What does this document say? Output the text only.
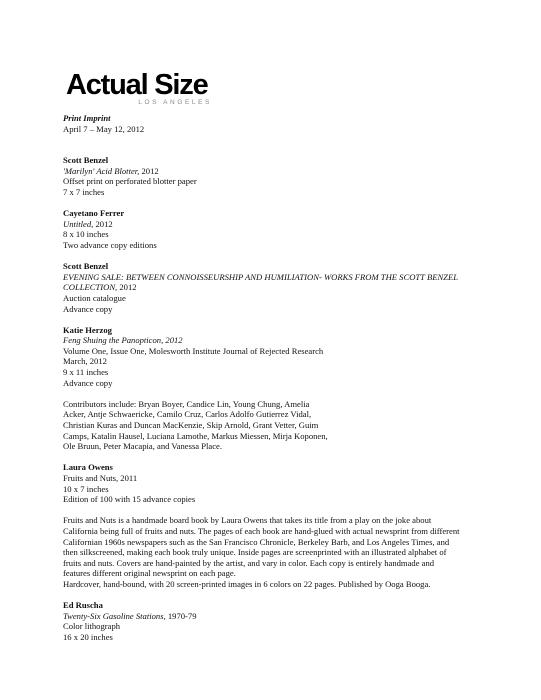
Actual Size
LOS ANGELES
Print Imprint
April 7 – May 12, 2012
Scott Benzel
'Marilyn' Acid Blotter, 2012
Offset print on perforated blotter paper
7 x 7 inches
Cayetano Ferrer
Untitled, 2012
8 x 10 inches
Two advance copy editions
Scott Benzel
EVENING SALE: BETWEEN CONNOISSEURSHIP AND HUMILIATION- WORKS FROM THE SCOTT BENZEL
COLLECTION, 2012
Auction catalogue
Advance copy
Katie Herzog
Feng Shuing the Panopticon, 2012
Volume One, Issue One, Molesworth Institute Journal of Rejected Research
March, 2012
9 x 11 inches
Advance copy
Contributors include: Bryan Boyer, Candice Lin, Young Chung, Amelia
Acker, Antje Schwaericke, Camilo Cruz, Carlos Adolfo Gutierrez Vidal,
Christian Kuras and Duncan MacKenzie, Skip Arnold, Grant Vetter, Guim
Camps, Katalin Hausel, Luciana Lamothe, Markus Miessen, Mirja Koponen,
Ole Bruun, Peter Macapia, and Vanessa Place.
Laura Owens
Fruits and Nuts, 2011
10 x 7 inches
Edition of 100 with 15 advance copies
Fruits and Nuts is a handmade board book by Laura Owens that takes its title from a play on the joke about
California being full of fruits and nuts. The pages of each book are hand-glued with actual newsprint from different
Californian 1960s newspapers such as the San Francisco Chronicle, Berkeley Barb, and Los Angeles Times, and
then silkscreened, making each book truly unique. Inside pages are screenprinted with an illustrated alphabet of
fruits and nuts. Covers are hand-painted by the artist, and vary in color. Each copy is entirely handmade and
features different original newsprint on each page.
Hardcover, hand-bound, with 20 screen-printed images in 6 colors on 22 pages. Published by Ooga Booga.
Ed Ruscha
Twenty-Six Gasoline Stations, 1970-79
Color lithograph
16 x 20 inches
